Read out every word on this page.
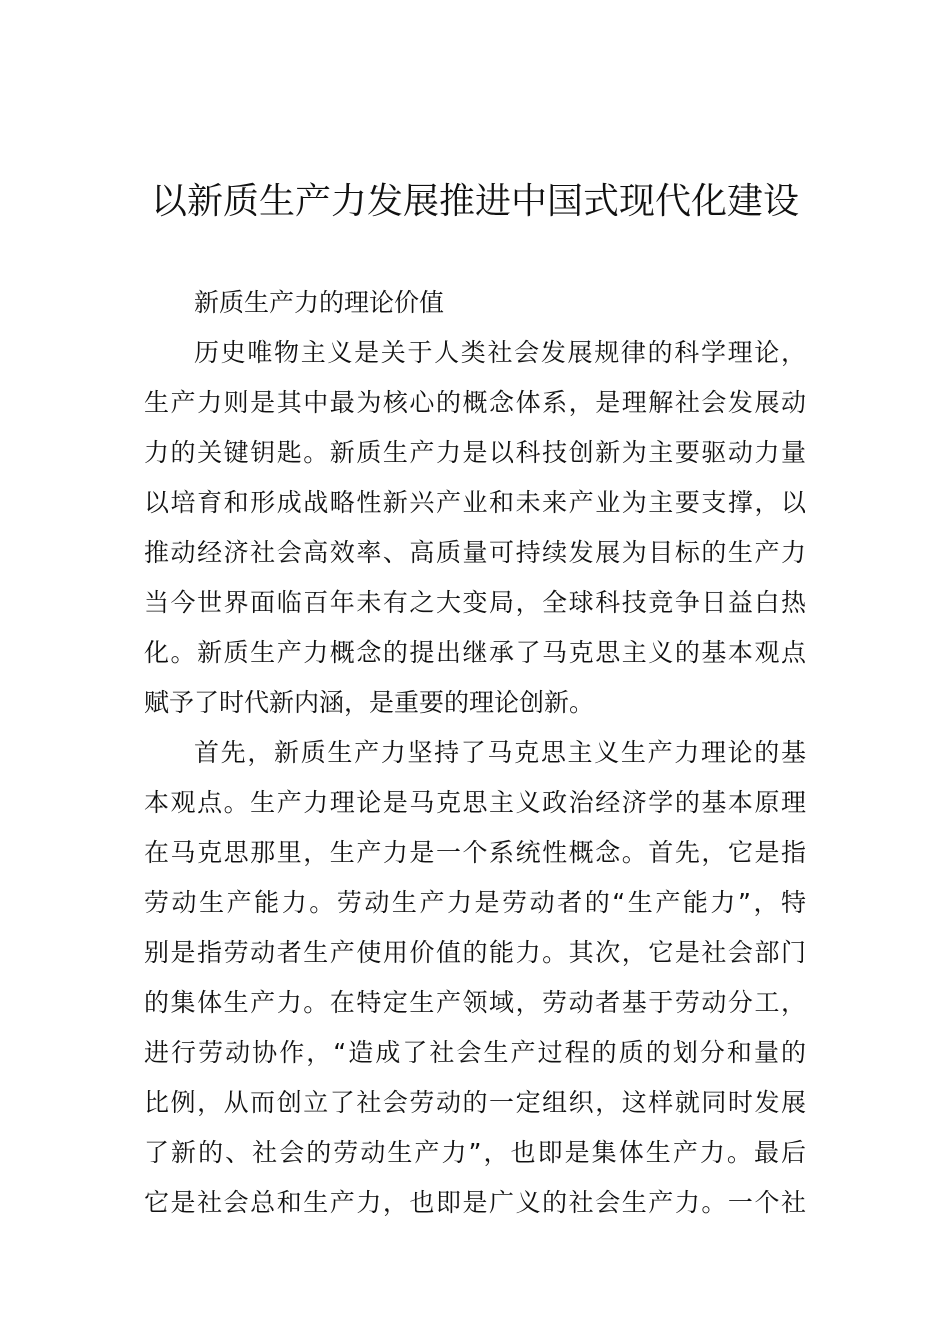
以新质生产力发展推进中国式现代化建设
新质生产力的理论价值
历史唯物主义是关于人类社会发展规律的科学理论，
生产力则是其中最为核心的概念体系，是理解社会发展动
力的关键钥匙。新质生产力是以科技创新为主要驱动力量
以培育和形成战略性新兴产业和未来产业为主要支撑，以
推动经济社会高效率、高质量可持续发展为目标的生产力
当今世界面临百年未有之大变局，全球科技竞争日益白热
化。新质生产力概念的提出继承了马克思主义的基本观点
赋予了时代新内涵，是重要的理论创新。
首先，新质生产力坚持了马克思主义生产力理论的基
本观点。生产力理论是马克思主义政治经济学的基本原理
在马克思那里，生产力是一个系统性概念。首先，它是指
劳动生产能力。劳动生产力是劳动者的“生产能力”，特
别是指劳动者生产使用价值的能力。其次，它是社会部门
的集体生产力。在特定生产领域，劳动者基于劳动分工，
进行劳动协作，“造成了社会生产过程的质的划分和量的
比例，从而创立了社会劳动的一定组织，这样就同时发展
了新的、社会的劳动生产力”，也即是集体生产力。最后
它是社会总和生产力，也即是广义的社会生产力。一个社
